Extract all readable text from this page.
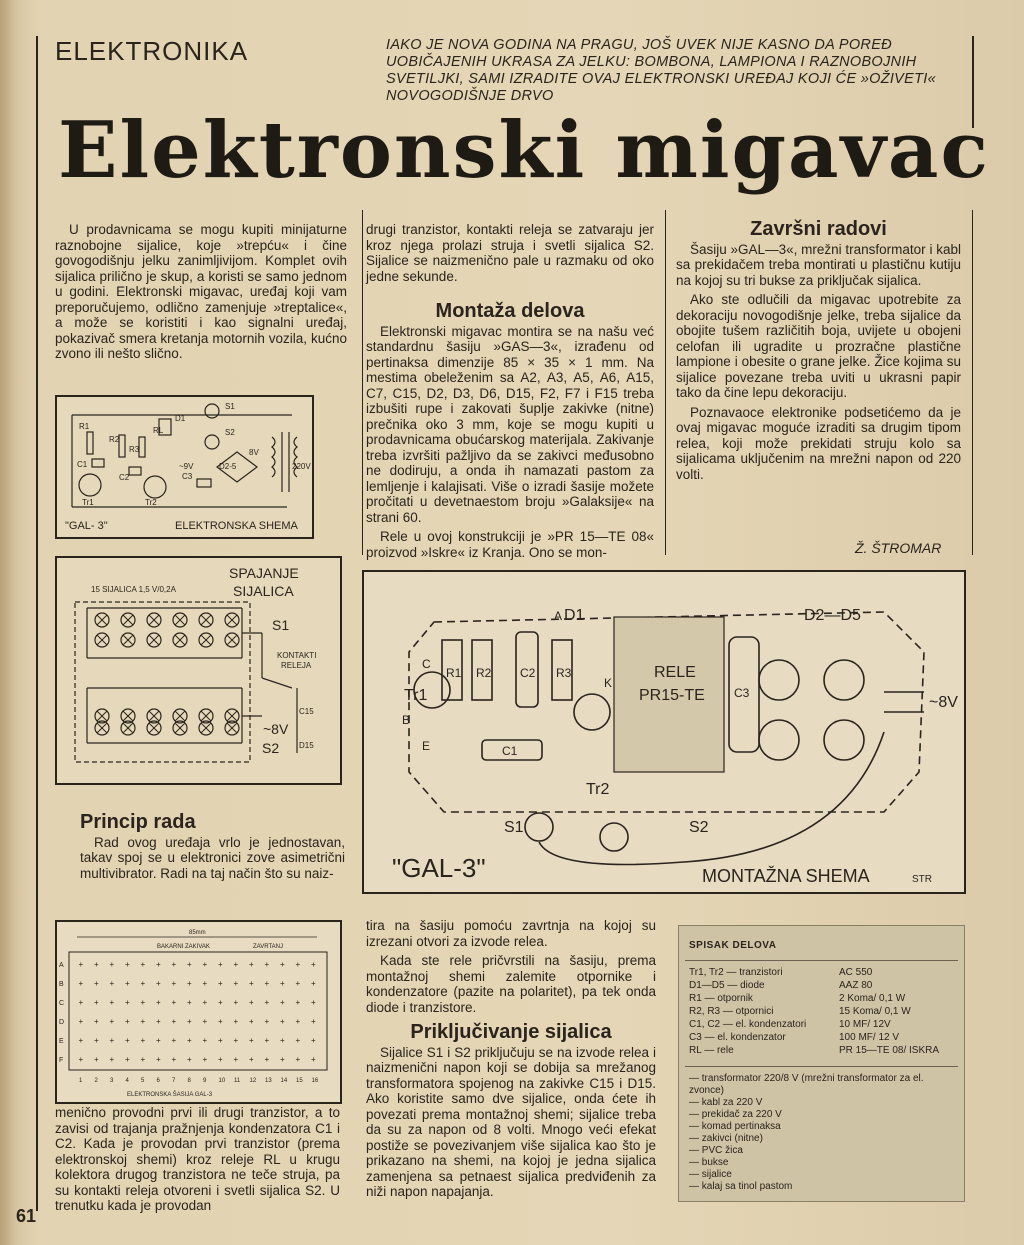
ELEKTRONIKA	IAKO JE NOVA GODINA NA PRAGU, JOŠ UVEK NIJE KASNO DA POREĐ UOBIČAJENIH UKRASA ZA JELKU: BOMBONA, LAMPIONA I RAZNOBOJNIH SVETILJKI, SAMI IZRADITE OVAJ ELEKTRONSKI UREĐAJ KOJI ĆE »OŽIVETI« NOVOGODIŠNJE DRVO
Elektronski migavac

U prodavnicama se mogu kupiti minijaturne raznobojne sijalice, koje »trepću« i čine govogodišnju jelku zanimljivijom. Komplet ovih sijalica prilično je skup, a koristi se samo jednom u godini. Elektronski migavac, uređaj koji vam preporučujemo, odlično zamenjuje »treptalice«, a može se koristiti i kao signalni uređaj, pokazivač smera kretanja motornih vozila, kućno zvono ili nešto slično.

R1
R2
R3
C1
C2	C3
Tr1	Tr2
RL
S1
S2
D2-5
8V
~9V	220V
D1
"GAL- 3"	ELEKTRONSKA SHEMA
SPAJANJE
SIJALICA
15 SIJALICA 1,5 V/0,2A
S1
S2
KONTAKTI
RELEJA
C15
D15
~8V

Princip rada

Rad ovog uređaja vrlo je jednostavan, takav spoj se u elektronici zove asimetrični multivibrator. Radi na taj način što su naiz-

85mm
BAKARNI ZAKIVAK	ZAVRTANJ
A + + + + + + + + + + + + + + + +
B + + + + + + + + + + + + + + + +
C + + + + + + + + + + + + + + + +
D + + + + + + + + + + + + + + + +
E + + + + + + + + + + + + + + + +
F + + + + + + + + + + + + + + + +
1 2 3 4 5 6 7 8 9 10 11 12 13 14 15 16
ELEKTRONSKA ŠASIJA GAL-3

menično provodni prvi ili drugi tranzistor, a to zavisi od trajanja pražnjenja kondenzatora C1 i C2. Kada je provodan prvi tranzistor (prema elektronskoj shemi) kroz releje RL u krugu kolektora drugog tranzistora ne teče struja, pa su kontakti releja otvoreni i svetli sijalica S2. U trenutku kada je provodan

drugi tranzistor, kontakti releja se zatvaraju jer kroz njega prolazi struja i svetli sijalica S2. Sijalice se naizmenično pale u razmaku od oko jedne sekunde.

Montaža delova

Elektronski migavac montira se na našu već standardnu šasiju »GAS—3«, izrađenu od pertinaksa dimenzije 85 × 35 × 1 mm. Na mestima obeleženim sa A2, A3, A5, A6, A15, C7, C15, D2, D3, D6, D15, F2, F7 i F15 treba izbušiti rupe i zakovati šuplje zakivke (nitne) prečnika oko 3 mm, koje se mogu kupiti u prodavnicama obućarskog materijala. Zakivanje treba izvršiti pažljivo da se zakivci međusobno ne dodiruju, a onda ih namazati pastom za lemljenje i kalajisati. Više o izradi šasije možete pročitati u devetnaestom broju »Galaksije« na strani 60.

Rele u ovoj konstrukciji je »PR 15—TE 08« proizvod »Iskre« iz Kranja. Ono se mon-

Završni radovi

Šasiju »GAL—3«, mrežni transformator i kabl sa prekidačem treba montirati u plastičnu kutiju na kojoj su tri bukse za priključak sijalica.

Ako ste odlučili da migavac upotrebite za dekoraciju novogodišnje jelke, treba sijalice da obojite tušem različitih boja, uvijete u obojeni celofan ili ugradite u prozračne plastične lampione i obesite o grane jelke. Žice kojima su sijalice povezane treba uviti u ukrasni papir tako da čine lepu dekoraciju.

Poznavaoce elektronike podsetićemo da je ovaj migavac moguće izraditi sa drugim tipom relea, koji može prekidati struju kolo sa sijalicama uključenim na mrežni napon od 220 volti.

Ž. ŠTROMAR
D1	D2—D5
RELE
PR15-TE
Tr1
Tr2
S1	S2
~8V
R1 R2	R3
C2
C3
C1
A
B
C
E
K
"GAL-3"	MONTAŽNA SHEMA	STR

tira na šasiju pomoću zavrtnja na kojoj su izrezani otvori za izvode relea.

Kada ste rele pričvrstili na šasiju, prema montažnoj shemi zalemite otpornike i kondenzatore (pazite na polaritet), pa tek onda diode i tranzistore.

Priključivanje sijalica

Sijalice S1 i S2 priključuju se na izvode relea i naizmenični napon koji se dobija sa mrežanog transformatora spojenog na zakivke C15 i D15. Ako koristite samo dve sijalice, onda ćete ih povezati prema montažnoj shemi; sijalice treba da su za napon od 8 volti. Mnogo veći efekat postiže se povezivanjem više sijalica kao što je prikazano na shemi, na kojoj je jedna sijalica zamenjena sa petnaest sijalica predviđenih za niži napon napajanja.

SPISAK DELOVA
Tr1, Tr2 — tranzistori	AC 550
D1—D5 — diode	AAZ 80
R1 — otpornik	2 Koma/ 0,1 W
R2, R3 — otpornici	15 Koma/ 0,1 W
C1, C2 — el. kondenzatori	10 MF/ 12V
C3 — el. kondenzator	100 MF/ 12 V
RL — rele	PR 15—TE 08/ ISKRA
— transformator 220/8 V (mrežni transformator za el. zvonce)
— kabl za 220 V
— prekidač za 220 V
— komad pertinaksa
— zakivci (nitne)
— PVC žica
— bukse
— sijalice
— kalaj sa tinol pastom
61
